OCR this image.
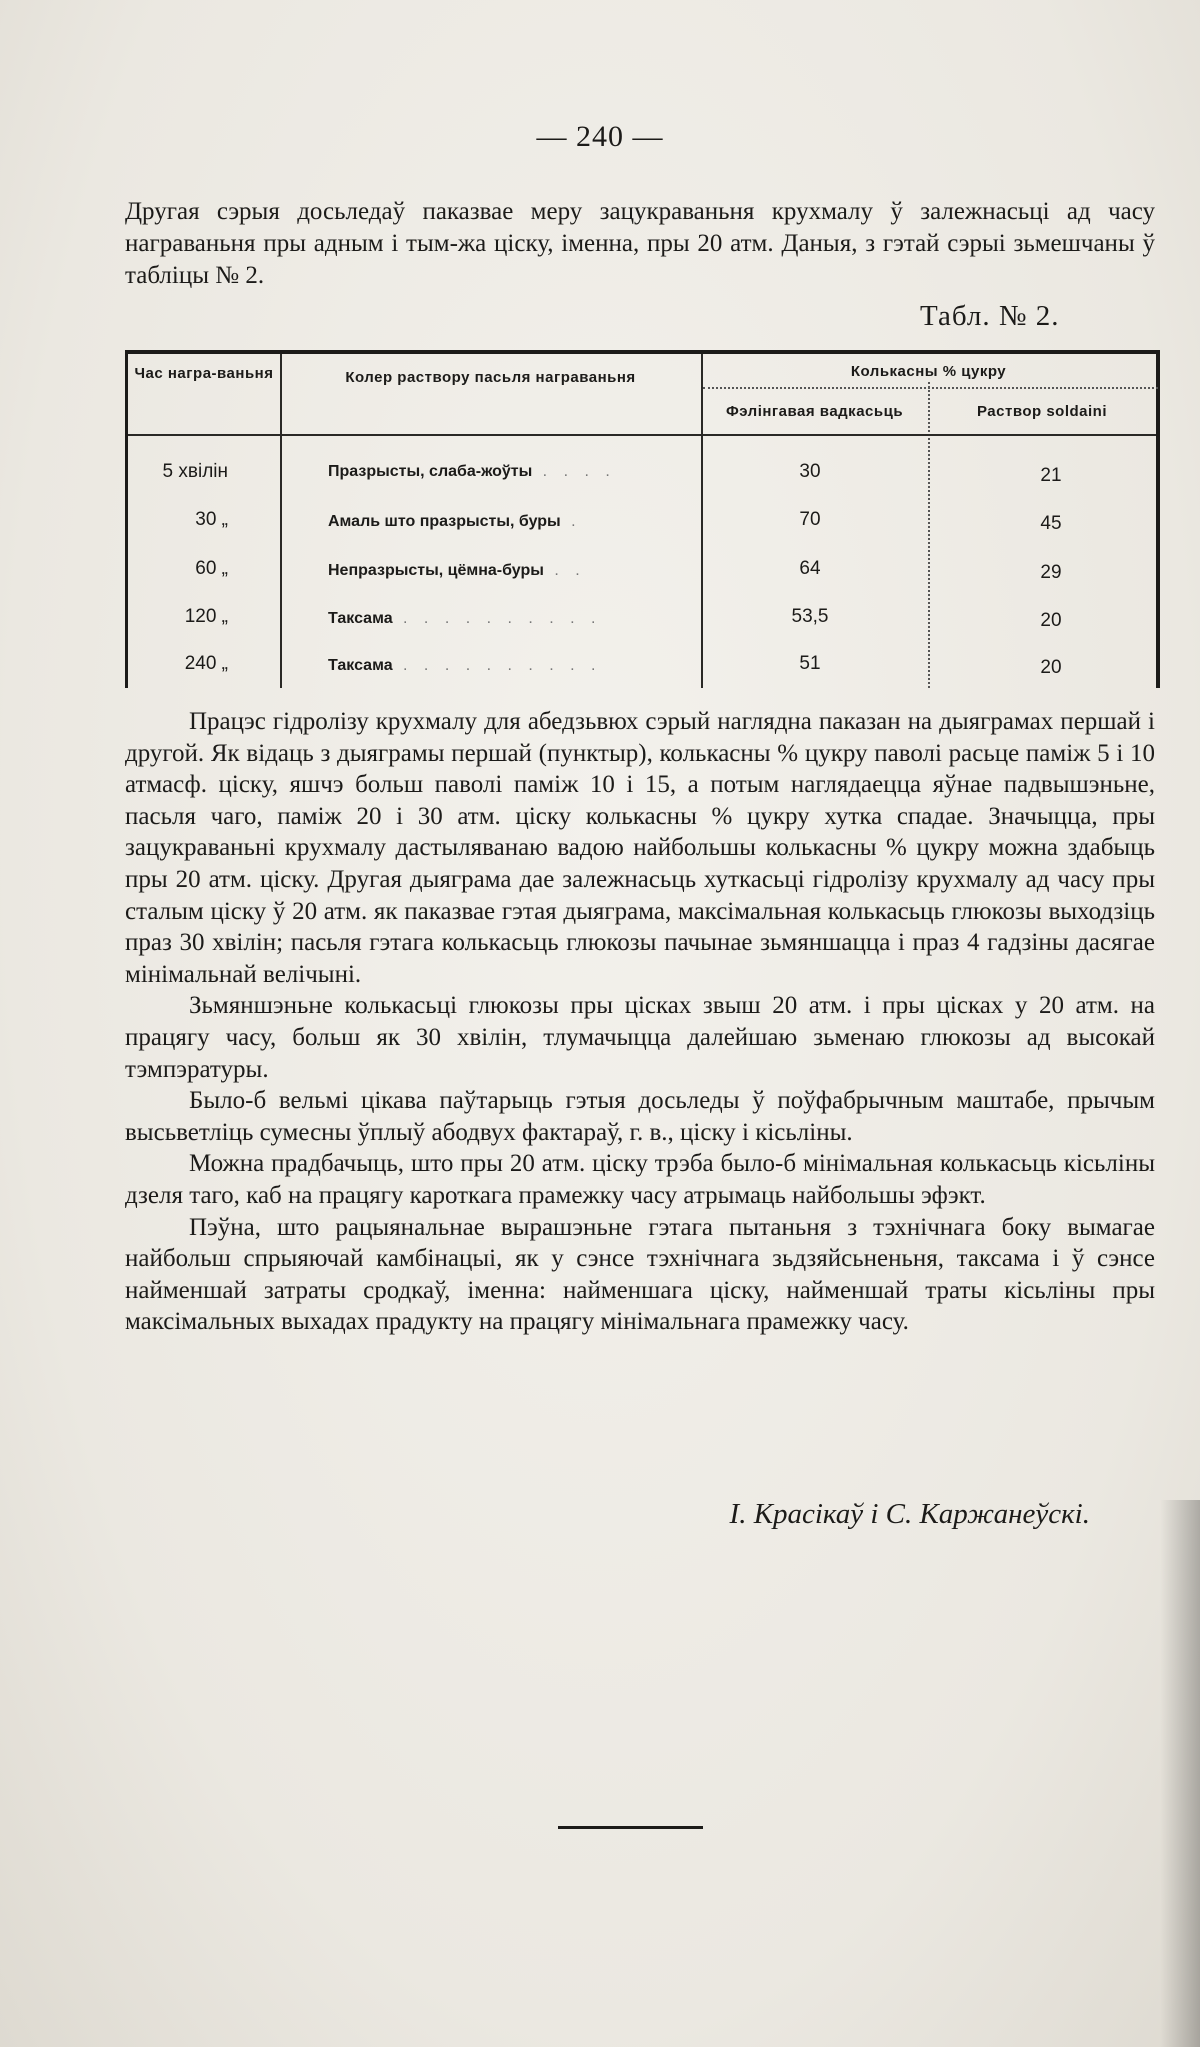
— 240 —

Другая сэрыя досьледаў паказвае меру зацукраваньня крухмалу ў залежнасьці ад часу награваньня пры адным і тым-жа ціску, іменна, пры 20 атм. Даныя, з гэтай сэрыі зьмешчаны ў табліцы № 2.

Табл. № 2.
Час награ-ваньня	Колер раствору пасьля награваньня	Колькасны % цукру
Фэлінгавая вадкасьць	Раствор soldaini
5 хвілін	Празрысты, слаба-жоўты . . . .	30	21
30 „	Амаль што празрысты, буры .	70	45
60 „	Непразрысты, цёмна-буры . .	64	29
120 „	Таксама . . . . . . . . . .	53,5	20
240 „	Таксама . . . . . . . . . .	51	20

Працэс гідролізу крухмалу для абедзьвюх сэрый нагляднa паказан на дыяграмах першай і другой. Як відаць з дыяграмы першай (пунктыр), колькасны % цукру паволі расьце паміж 5 і 10 атмасф. ціску, яшчэ больш паволі паміж 10 і 15, а потым наглядаецца яўнае падвышэньне, пасьля чаго, паміж 20 і 30 атм. ціску колькасны % цукру хутка спадае. Значыцца, пры зацукраваньні крухмалу дастыляванаю вадою найбольшы колькасны % цукру можна здабыць пры 20 атм. ціску. Другая дыяграма дае залежнасьць хуткасьці гідролізу крухмалу ад часу пры сталым ціску ў 20 атм. як паказвае гэтая дыяграма, максімальная колькасьць глюкозы выходзіць праз 30 хвілін; пасьля гэтага колькасьць глюкозы пачынае зьмяншацца і праз 4 гадзіны дасягае мінімальнай велічыні.

Зьмяншэньне колькасьці глюкозы пры цісках звыш 20 атм. і пры цісках у 20 атм. на працягу часу, больш як 30 хвілін, тлумачыцца далейшаю зьменаю глюкозы ад высокай тэмпэратуры.

Было-б вельмі цікава паўтарыць гэтыя досьледы ў поўфабрычным маштабе, прычым высьветліць сумесны ўплыў абодвух фактараў, г. в., ціску і кісьліны.

Можна прадбачыць, што пры 20 атм. ціску трэба было-б мінімальная колькасьць кісьліны дзеля таго, каб на працягу кароткага прамежку часу атрымаць найбольшы эфэкт.

Пэўна, што рацыянальнае вырашэньне гэтага пытаньня з тэхнічнага боку вымагае найбольш спрыяючай камбінацыі, як у сэнсе тэхнічнага зьдзяйсьненьня, таксама і ў сэнсе найменшай затраты сродкаў, іменна: найменшага ціску, найменшай траты кісьліны пры максімальных выхадах прадукту на працягу мінімальнага прамежку часу.

І. Красікаў і С. Каржанеўскі.
